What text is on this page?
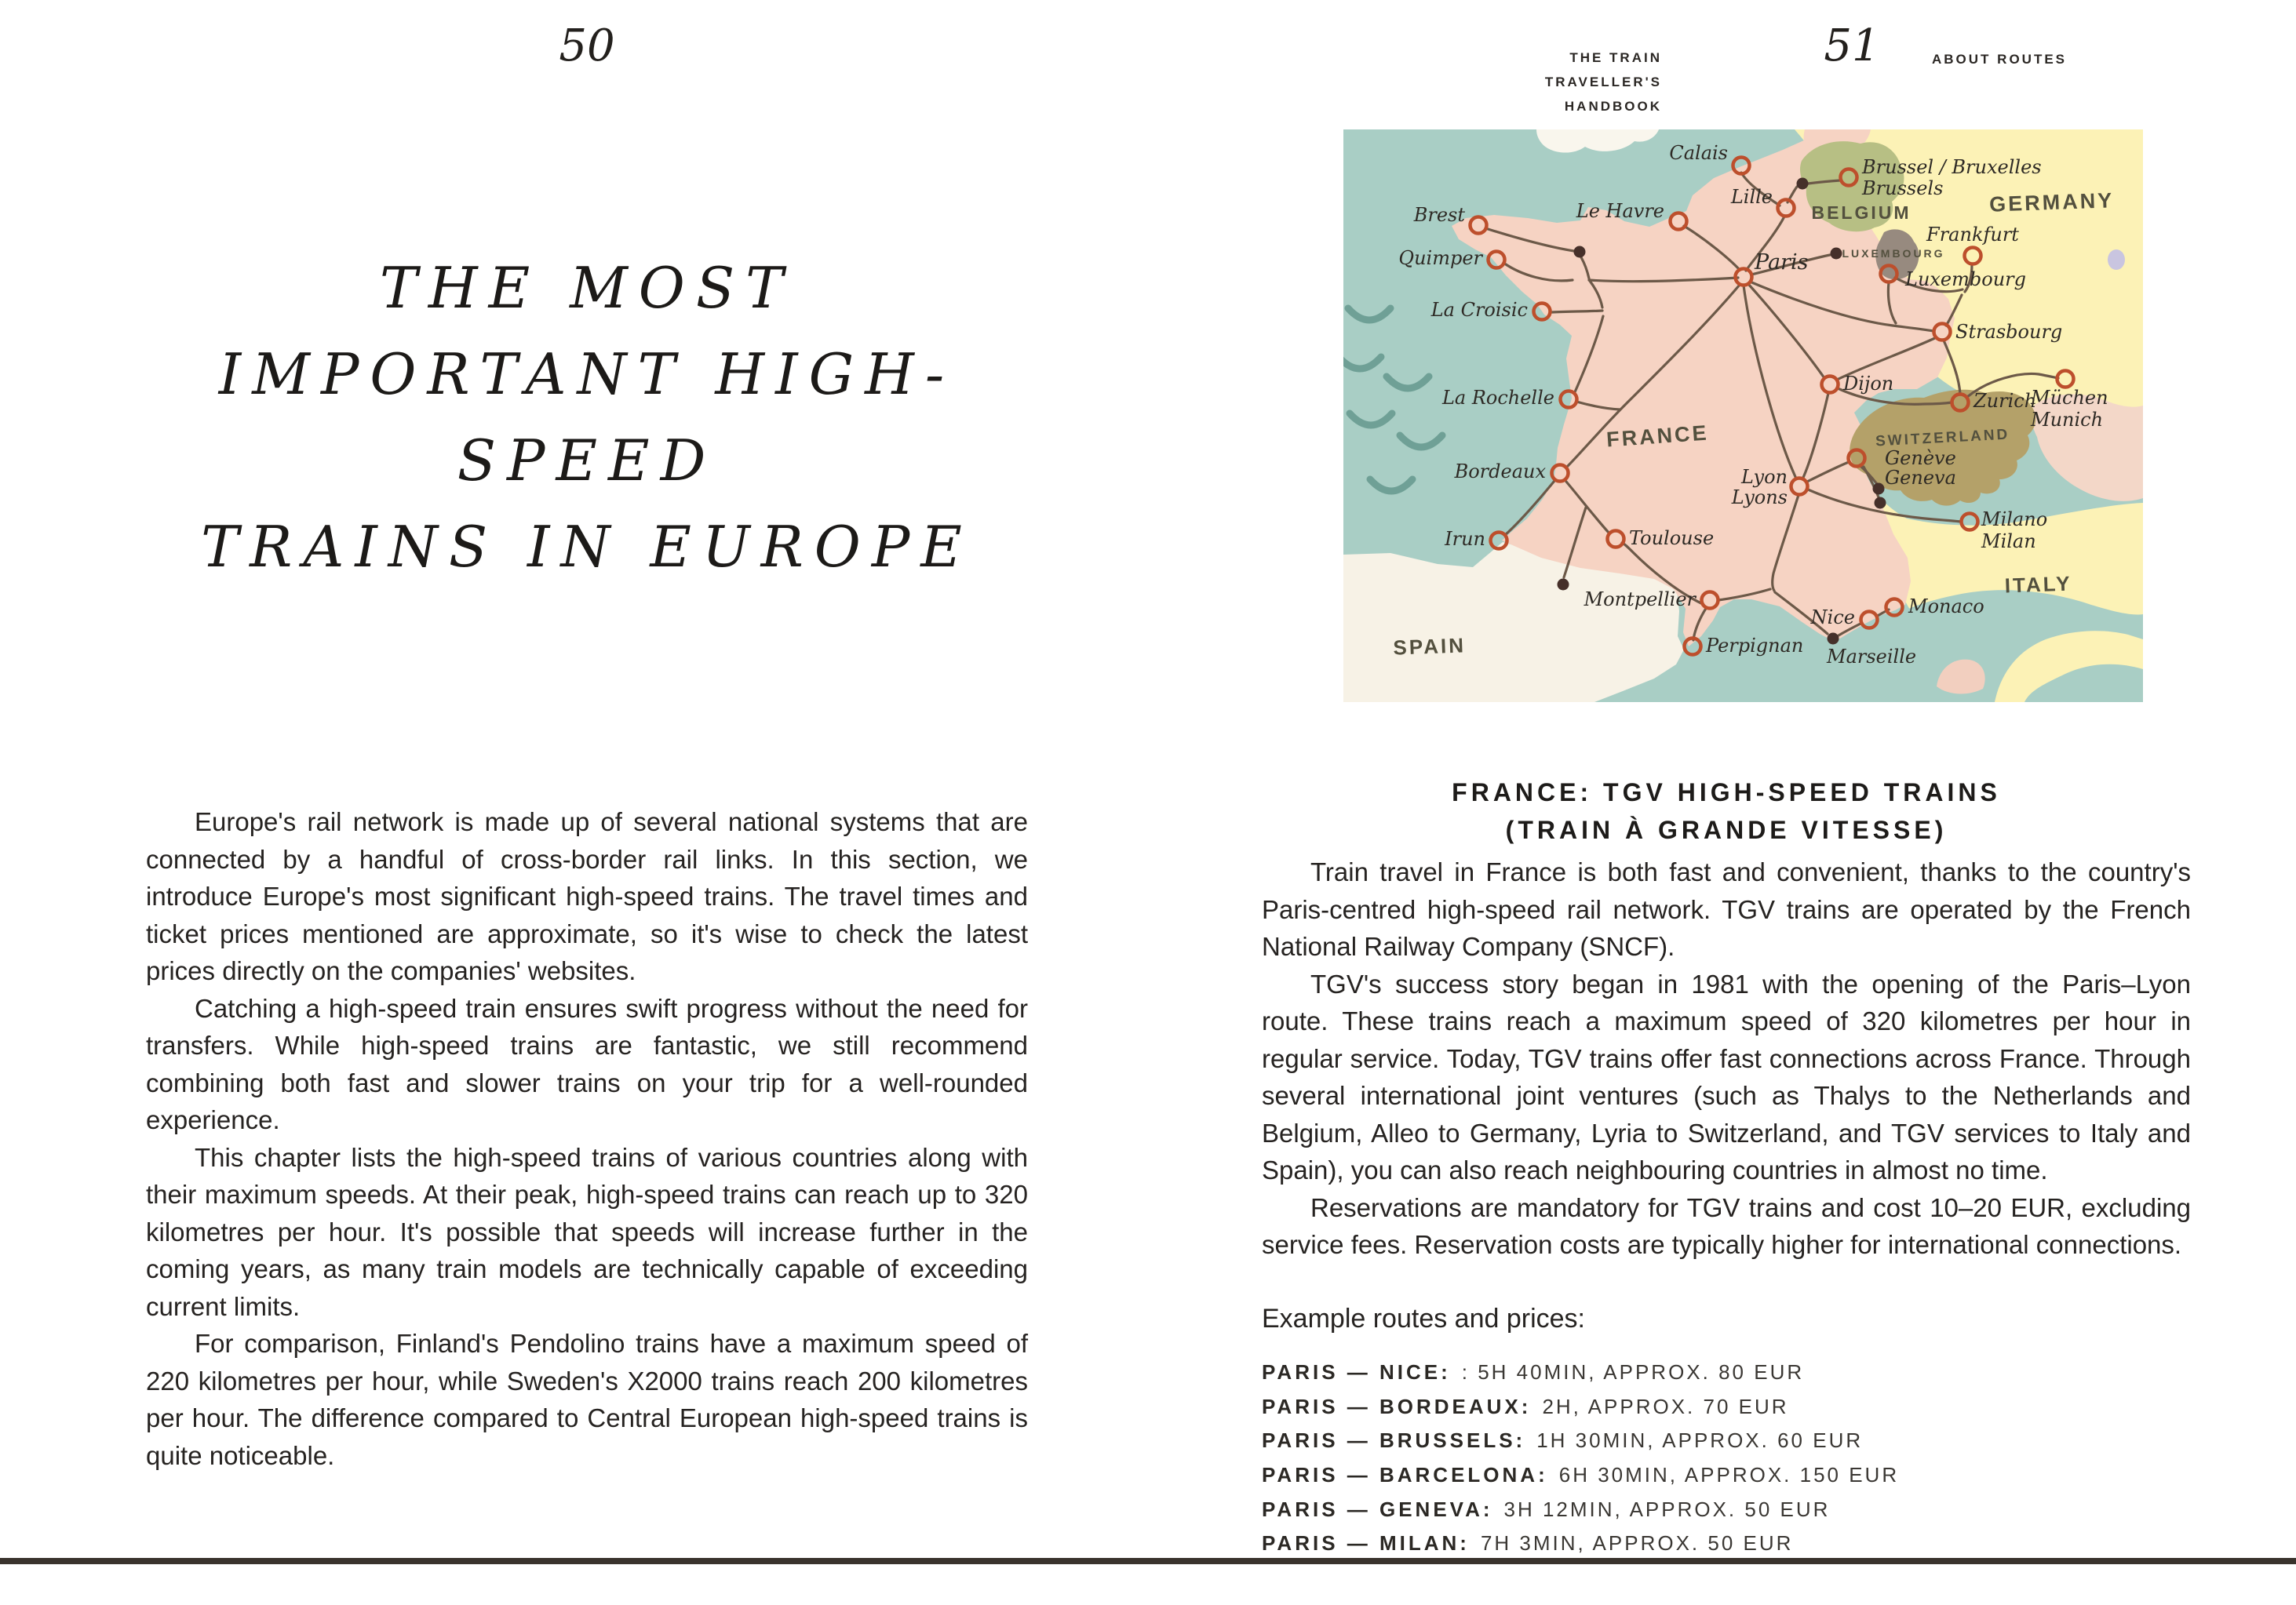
50
THE MOST
IMPORTANT HIGH-SPEED
TRAINS IN EUROPE

Europe's rail network is made up of several national systems that are connected by a handful of cross-border rail links. In this section, we introduce Europe's most significant high-speed trains. The travel times and ticket prices mentioned are approximate, so it's wise to check the latest prices directly on the companies' websites.

Catching a high-speed train ensures swift progress without the need for transfers. While high-speed trains are fantastic, we still recommend combining both fast and slower trains on your trip for a well-rounded experience.

This chapter lists the high-speed trains of various countries along with their maximum speeds. At their peak, high-speed trains can reach up to 320 kilometres per hour. It's possible that speeds will increase further in the coming years, as many train models are technically capable of exceeding current limits.

For comparison, Finland's Pendolino trains have a maximum speed of 220 kilometres per hour, while Sweden's X2000 trains reach 200 kilometres per hour. The difference compared to Central European high-speed trains is quite noticeable.

THE TRAIN TRAVELLER'S
HANDBOOK
51	ABOUT ROUTES
BELGIUM	GERMANY
LUXEMBOURG
FRANCE	SWITZERLAND
SPAIN
ITALY
Calais
Lille
Brussel / Bruxelles
Brussels
Le Havre
Brest
Quimper
La Croisic
Paris
Luxembourg
Frankfurt
Strasbourg
Dijon
Zurich
Müchen
Munich
La Rochelle
Bordeaux
Irun	Toulouse
Montpellier
Perpignan
Lyon
Lyons
Genève
Geneva
Milano
Milan
Nice
Marseille
Monaco
FRANCE: TGV HIGH-SPEED TRAINS
(TRAIN À GRANDE VITESSE)

Train travel in France is both fast and convenient, thanks to the country's Paris-centred high-speed rail network. TGV trains are operated by the French National Railway Company (SNCF).

TGV's success story began in 1981 with the opening of the Paris–Lyon route. These trains reach a maximum speed of 320 kilometres per hour in regular service. Today, TGV trains offer fast connections across France. Through several international joint ventures (such as Thalys to the Netherlands and Belgium, Alleo to Germany, Lyria to Switzerland, and TGV services to Italy and Spain), you can also reach neighbouring countries in almost no time.

Reservations are mandatory for TGV trains and cost 10–20 EUR, excluding service fees. Reservation costs are typically higher for international connections.

Example routes and prices:
PARIS — NICE: : 5H 40MIN, APPROX. 80 EUR
PARIS — BORDEAUX: 2H, APPROX. 70 EUR
PARIS — BRUSSELS: 1H 30MIN, APPROX. 60 EUR
PARIS — BARCELONA: 6H 30MIN, APPROX. 150 EUR
PARIS — GENEVA: 3H 12MIN, APPROX. 50 EUR
PARIS — MILAN: 7H 3MIN, APPROX. 50 EUR
